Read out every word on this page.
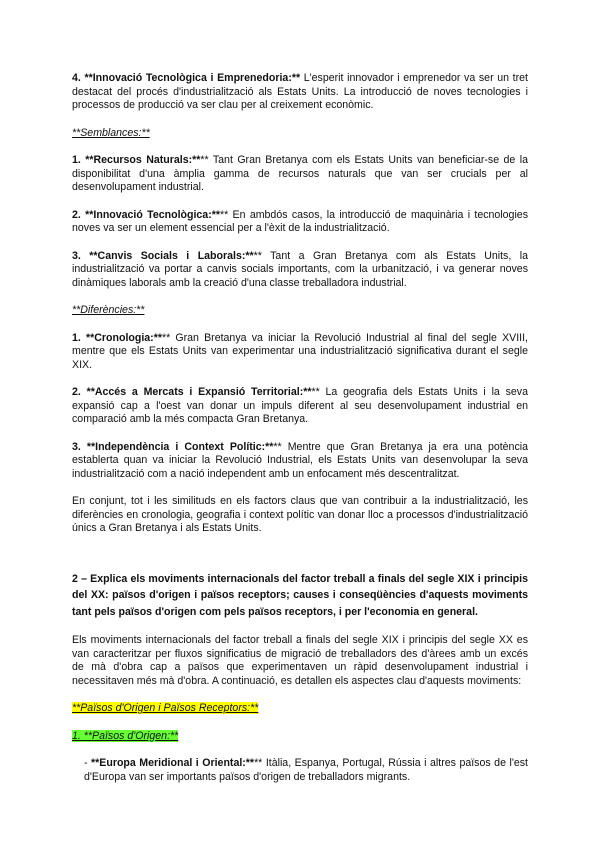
4. **Innovació Tecnològica i Emprenedoria:** L'esperit innovador i emprenedor va ser un tret destacat del procés d'industrialització als Estats Units. La introducció de noves tecnologies i processos de producció va ser clau per al creixement econòmic.

**Semblances:**

1. **Recursos Naturals:**** Tant Gran Bretanya com els Estats Units van beneficiar-se de la disponibilitat d'una àmplia gamma de recursos naturals que van ser crucials per al desenvolupament industrial.

2. **Innovació Tecnològica:**** En ambdós casos, la introducció de maquinària i tecnologies noves va ser un element essencial per a l'èxit de la industrialització.

3. **Canvis Socials i Laborals:**** Tant a Gran Bretanya com als Estats Units, la industrialització va portar a canvis socials importants, com la urbanització, i va generar noves dinàmiques laborals amb la creació d'una classe treballadora industrial.

**Diferències:**

1. **Cronologia:**** Gran Bretanya va iniciar la Revolució Industrial al final del segle XVIII, mentre que els Estats Units van experimentar una industrialització significativa durant el segle XIX.

2. **Accés a Mercats i Expansió Territorial:**** La geografia dels Estats Units i la seva expansió cap a l'oest van donar un impuls diferent al seu desenvolupament industrial en comparació amb la més compacta Gran Bretanya.

3. **Independència i Context Polític:**** Mentre que Gran Bretanya ja era una potència establerta quan va iniciar la Revolució Industrial, els Estats Units van desenvolupar la seva industrialització com a nació independent amb un enfocament més descentralitzat.

En conjunt, tot i les similituds en els factors claus que van contribuir a la industrialització, les diferències en cronologia, geografia i context polític van donar lloc a processos d'industrialització únics a Gran Bretanya i als Estats Units.

2 – Explica els moviments internacionals del factor treball a finals del segle XIX i principis del XX: països d'origen i països receptors; causes i conseqüències d'aquests moviments tant pels països d'origen com pels països receptors, i per l'economia en general.

Els moviments internacionals del factor treball a finals del segle XIX i principis del segle XX es van caracteritzar per fluxos significatius de migració de treballadors des d'àrees amb un excés de mà d'obra cap a països que experimentaven un ràpid desenvolupament industrial i necessitaven més mà d'obra. A continuació, es detallen els aspectes clau d'aquests moviments:

**Països d'Origen i Països Receptors:**

1. **Països d'Origen:**

- **Europa Meridional i Oriental:**** Itàlia, Espanya, Portugal, Rússia i altres països de l'est d'Europa van ser importants països d'origen de treballadors migrants.
